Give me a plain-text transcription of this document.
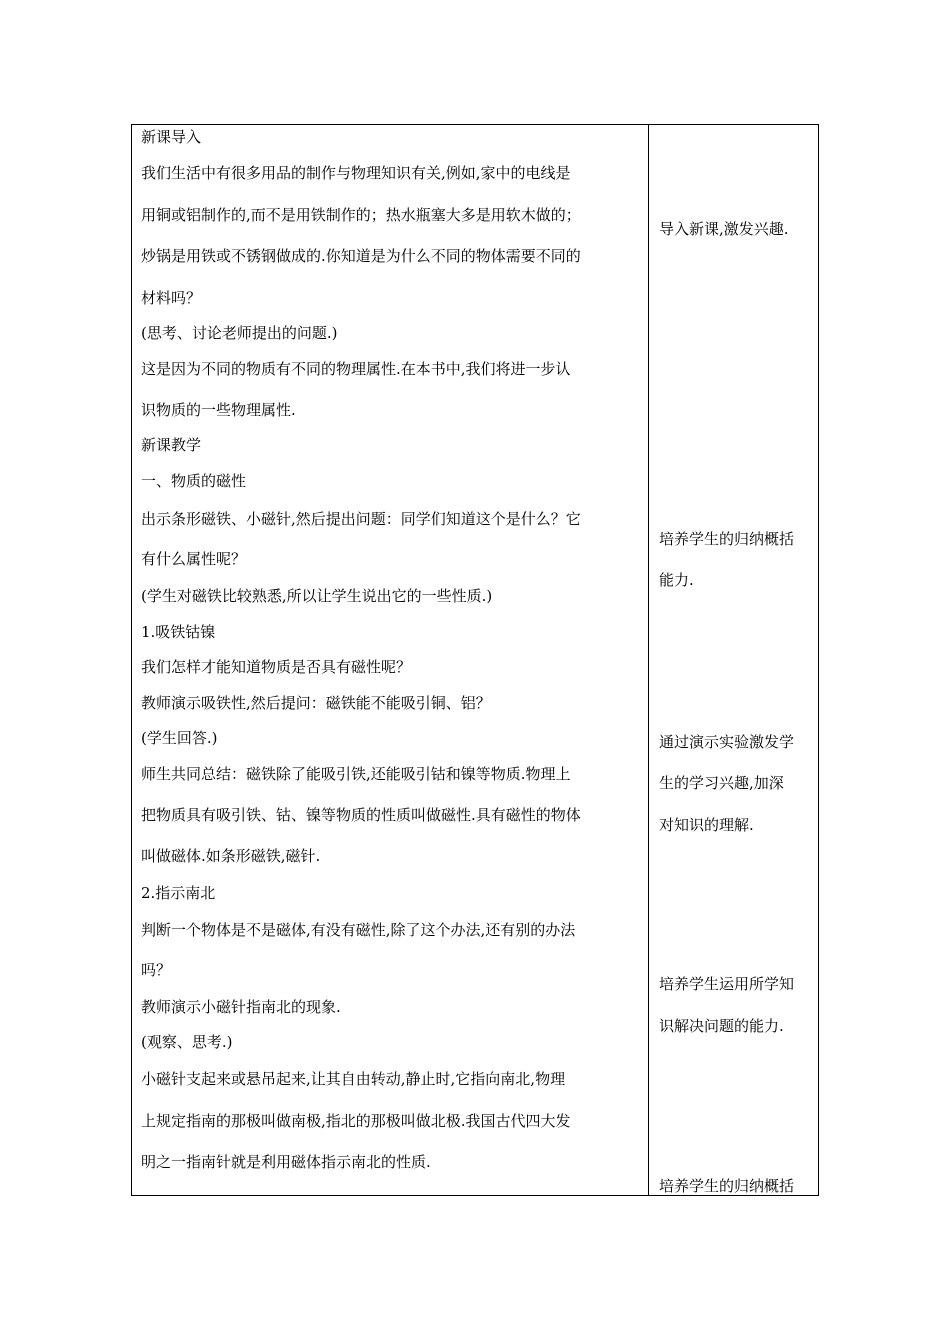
新课导入
我们生活中有很多用品的制作与物理知识有关,例如,家中的电线是
用铜或铝制作的,而不是用铁制作的；热水瓶塞大多是用软木做的；
炒锅是用铁或不锈钢做成的.你知道是为什么不同的物体需要不同的
材料吗？
(思考、讨论老师提出的问题.)
这是因为不同的物质有不同的物理属性.在本书中,我们将进一步认
识物质的一些物理属性.
新课教学
一、物质的磁性
出示条形磁铁、小磁针,然后提出问题：同学们知道这个是什么？它
有什么属性呢？
(学生对磁铁比较熟悉,所以让学生说出它的一些性质.)
1.吸铁钴镍
我们怎样才能知道物质是否具有磁性呢？
教师演示吸铁性,然后提问：磁铁能不能吸引铜、铝？
(学生回答.)
师生共同总结：磁铁除了能吸引铁,还能吸引钴和镍等物质.物理上
把物质具有吸引铁、钴、镍等物质的性质叫做磁性.具有磁性的物体
叫做磁体.如条形磁铁,磁针.
2.指示南北
判断一个物体是不是磁体,有没有磁性,除了这个办法,还有别的办法
吗？
教师演示小磁针指南北的现象.
(观察、思考.)
小磁针支起来或悬吊起来,让其自由转动,静止时,它指向南北,物理
上规定指南的那极叫做南极,指北的那极叫做北极.我国古代四大发
明之一指南针就是利用磁体指示南北的性质.
导入新课,激发兴趣.
培养学生的归纳概括
能力.
通过演示实验激发学
生的学习兴趣,加深
对知识的理解.
培养学生运用所学知
识解决问题的能力.
培养学生的归纳概括
